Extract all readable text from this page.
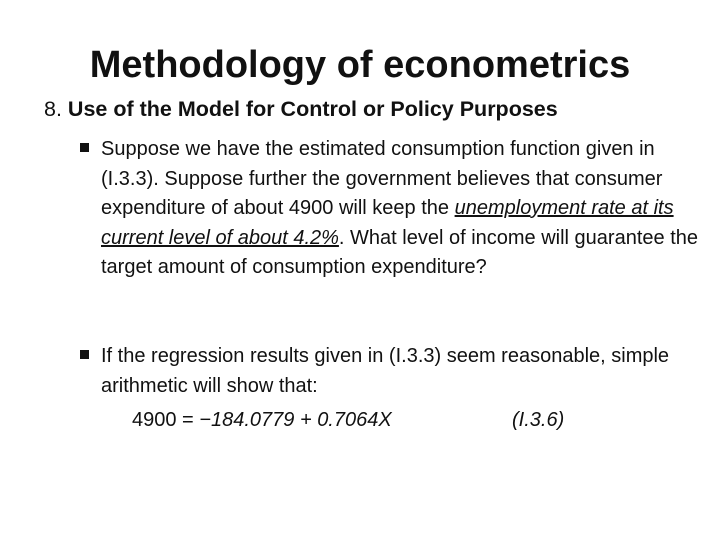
Methodology of econometrics
8. Use of the Model for Control or Policy Purposes
Suppose we have the estimated consumption function given in (I.3.3). Suppose further the government believes that consumer expenditure of about 4900 will keep the unemployment rate at its current level of about 4.2%. What level of income will guarantee the target amount of consumption expenditure?
If the regression results given in (I.3.3) seem reasonable, simple arithmetic will show that:
4900 = −184.0779 + 0.7064X	(I.3.6)
